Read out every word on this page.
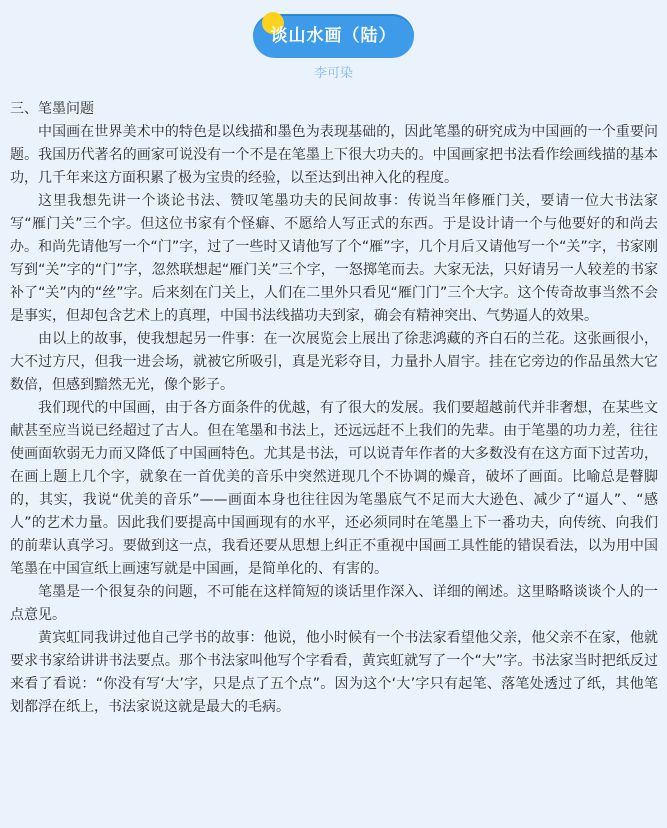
谈山水画（陆）
李可染

三、笔墨问题

中国画在世界美术中的特色是以线描和墨色为表现基础的，因此笔墨的研究成为中国画的一个重要问题。我国历代著名的画家可说没有一个不是在笔墨上下很大功夫的。中国画家把书法看作绘画线描的基本功，几千年来这方面积累了极为宝贵的经验，以至达到出神入化的程度。

这里我想先讲一个谈论书法、赞叹笔墨功夫的民间故事：传说当年修雁门关，要请一位大书法家写“雁门关”三个字。但这位书家有个怪癖、不愿给人写正式的东西。于是设计请一个与他要好的和尚去办。和尚先请他写一个“门”字，过了一些时又请他写了个“雁”字，几个月后又请他写一个“关”字，书家刚写到“关”字的“门”字，忽然联想起“雁门关”三个字，一怒掷笔而去。大家无法，只好请另一人较差的书家补了“关”内的“丝”字。后来刻在门关上，人们在二里外只看见“雁门门”三个大字。这个传奇故事当然不会是事实，但却包含艺术上的真理，中国书法线描功夫到家，确会有精神突出、气势逼人的效果。

由以上的故事，使我想起另一件事：在一次展览会上展出了徐悲鸿藏的齐白石的兰花。这张画很小，大不过方尺，但我一进会场，就被它所吸引，真是光彩夺目，力量扑人眉宇。挂在它旁边的作品虽然大它数倍，但感到黯然无光，像个影子。

我们现代的中国画，由于各方面条件的优越，有了很大的发展。我们要超越前代并非奢想，在某些文献甚至应当说已经超过了古人。但在笔墨和书法上，还远远赶不上我们的先辈。由于笔墨的功力差，往往使画面软弱无力而又降低了中国画特色。尤其是书法，可以说青年作者的大多数没有在这方面下过苦功，在画上题上几个字，就象在一首优美的音乐中突然迸现几个不协调的燥音，破坏了画面。比喻总是瞽脚的，其实，我说“优美的音乐”——画面本身也往往因为笔墨底气不足而大大逊色、减少了“逼人”、“感人”的艺术力量。因此我们要提高中国画现有的水平，还必须同时在笔墨上下一番功夫，向传统、向我们的前辈认真学习。要做到这一点，我看还要从思想上纠正不重视中国画工具性能的错误看法，以为用中国笔墨在中国宣纸上画速写就是中国画，是简单化的、有害的。

笔墨是一个很复杂的问题，不可能在这样简短的谈话里作深入、详细的阐述。这里略略谈谈个人的一点意见。

黄宾虹同我讲过他自己学书的故事：他说，他小时候有一个书法家看望他父亲，他父亲不在家，他就要求书家给讲讲书法要点。那个书法家叫他写个字看看，黄宾虹就写了一个“大”字。书法家当时把纸反过来看了看说：“你没有写‘大’字，只是点了五个点”。因为这个‘大’字只有起笔、落笔处透过了纸，其他笔划都浮在纸上，书法家说这就是最大的毛病。
